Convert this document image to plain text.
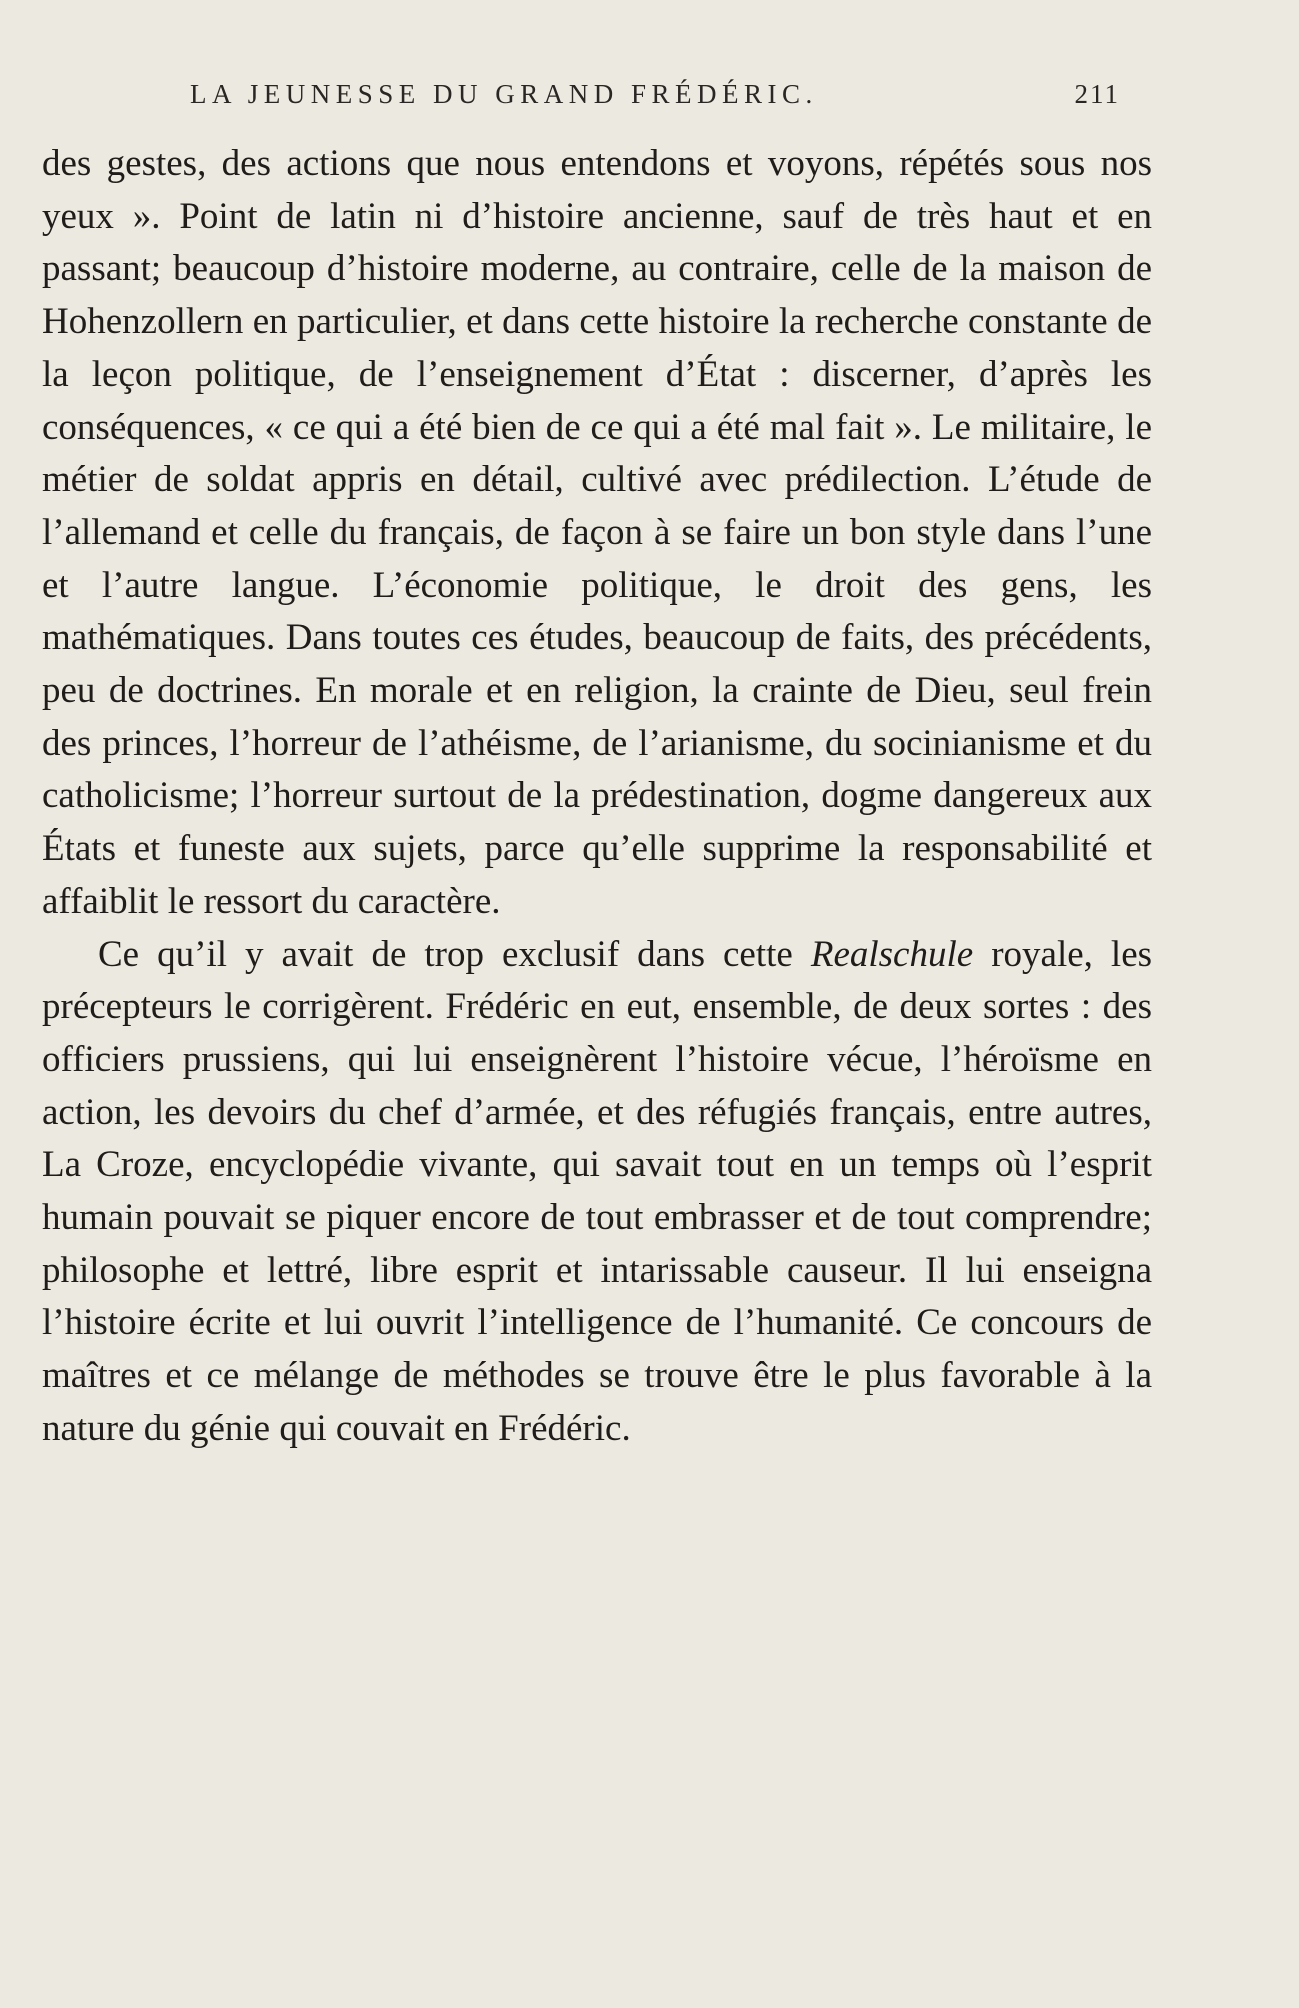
LA JEUNESSE DU GRAND FRÉDÉRIC.	211

des gestes, des actions que nous entendons et voyons, répétés sous nos yeux ». Point de latin ni d’histoire ancienne, sauf de très haut et en passant; beaucoup d’histoire moderne, au contraire, celle de la maison de Hohenzollern en particulier, et dans cette histoire la recherche constante de la leçon politique, de l’enseignement d’État : discerner, d’après les conséquences, « ce qui a été bien de ce qui a été mal fait ». Le militaire, le métier de soldat appris en détail, cultivé avec prédilection. L’étude de l’allemand et celle du français, de façon à se faire un bon style dans l’une et l’autre langue. L’économie politique, le droit des gens, les mathématiques. Dans toutes ces études, beaucoup de faits, des précédents, peu de doctrines. En morale et en religion, la crainte de Dieu, seul frein des princes, l’horreur de l’athéisme, de l’arianisme, du socinianisme et du catholicisme; l’horreur surtout de la prédestination, dogme dangereux aux États et funeste aux sujets, parce qu’elle supprime la responsabilité et affaiblit le ressort du caractère.

Ce qu’il y avait de trop exclusif dans cette Realschule royale, les précepteurs le corrigèrent. Frédéric en eut, ensemble, de deux sortes : des officiers prussiens, qui lui enseignèrent l’histoire vécue, l’héroïsme en action, les devoirs du chef d’armée, et des réfugiés français, entre autres, La Croze, encyclopédie vivante, qui savait tout en un temps où l’esprit humain pouvait se piquer encore de tout embrasser et de tout comprendre; philosophe et lettré, libre esprit et intarissable causeur. Il lui enseigna l’histoire écrite et lui ouvrit l’intelligence de l’humanité. Ce concours de maîtres et ce mélange de méthodes se trouve être le plus favorable à la nature du génie qui couvait en Frédéric.
